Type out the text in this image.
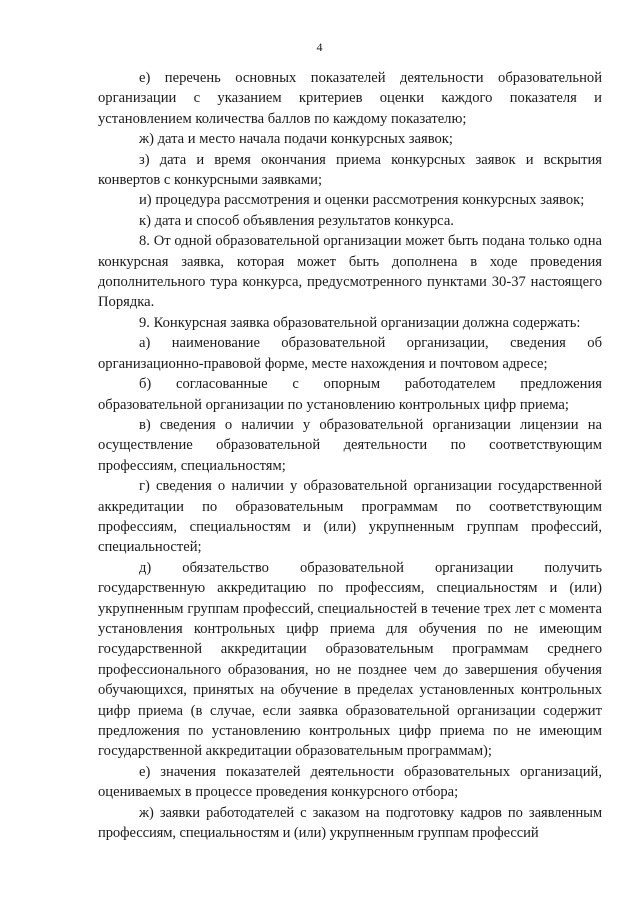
4

е) перечень основных показателей деятельности образовательной организации с указанием критериев оценки каждого показателя и установлением количества баллов по каждому показателю;

ж) дата и место начала подачи конкурсных заявок;

з) дата и время окончания приема конкурсных заявок и вскрытия конвертов с конкурсными заявками;

и) процедура рассмотрения и оценки рассмотрения конкурсных заявок;

к) дата и способ объявления результатов конкурса.

8. От одной образовательной организации может быть подана только одна конкурсная заявка, которая может быть дополнена в ходе проведения дополнительного тура конкурса, предусмотренного пунктами 30-37 настоящего Порядка.

9. Конкурсная заявка образовательной организации должна содержать:

а) наименование образовательной организации, сведения об организационно-правовой форме, месте нахождения и почтовом адресе;

б) согласованные с опорным работодателем предложения образовательной организации по установлению контрольных цифр приема;

в) сведения о наличии у образовательной организации лицензии на осуществление образовательной деятельности по соответствующим профессиям, специальностям;

г) сведения о наличии у образовательной организации государственной аккредитации по образовательным программам по соответствующим профессиям, специальностям и (или) укрупненным группам профессий, специальностей;

д) обязательство образовательной организации получить государственную аккредитацию по профессиям, специальностям и (или) укрупненным группам профессий, специальностей в течение трех лет с момента установления контрольных цифр приема для обучения по не имеющим государственной аккредитации образовательным программам среднего профессионального образования, но не позднее чем до завершения обучения обучающихся, принятых на обучение в пределах установленных контрольных цифр приема (в случае, если заявка образовательной организации содержит предложения по установлению контрольных цифр приема по не имеющим государственной аккредитации образовательным программам);

е) значения показателей деятельности образовательных организаций, оцениваемых в процессе проведения конкурсного отбора;

ж) заявки работодателей с заказом на подготовку кадров по заявленным профессиям, специальностям и (или) укрупненным группам профессий
